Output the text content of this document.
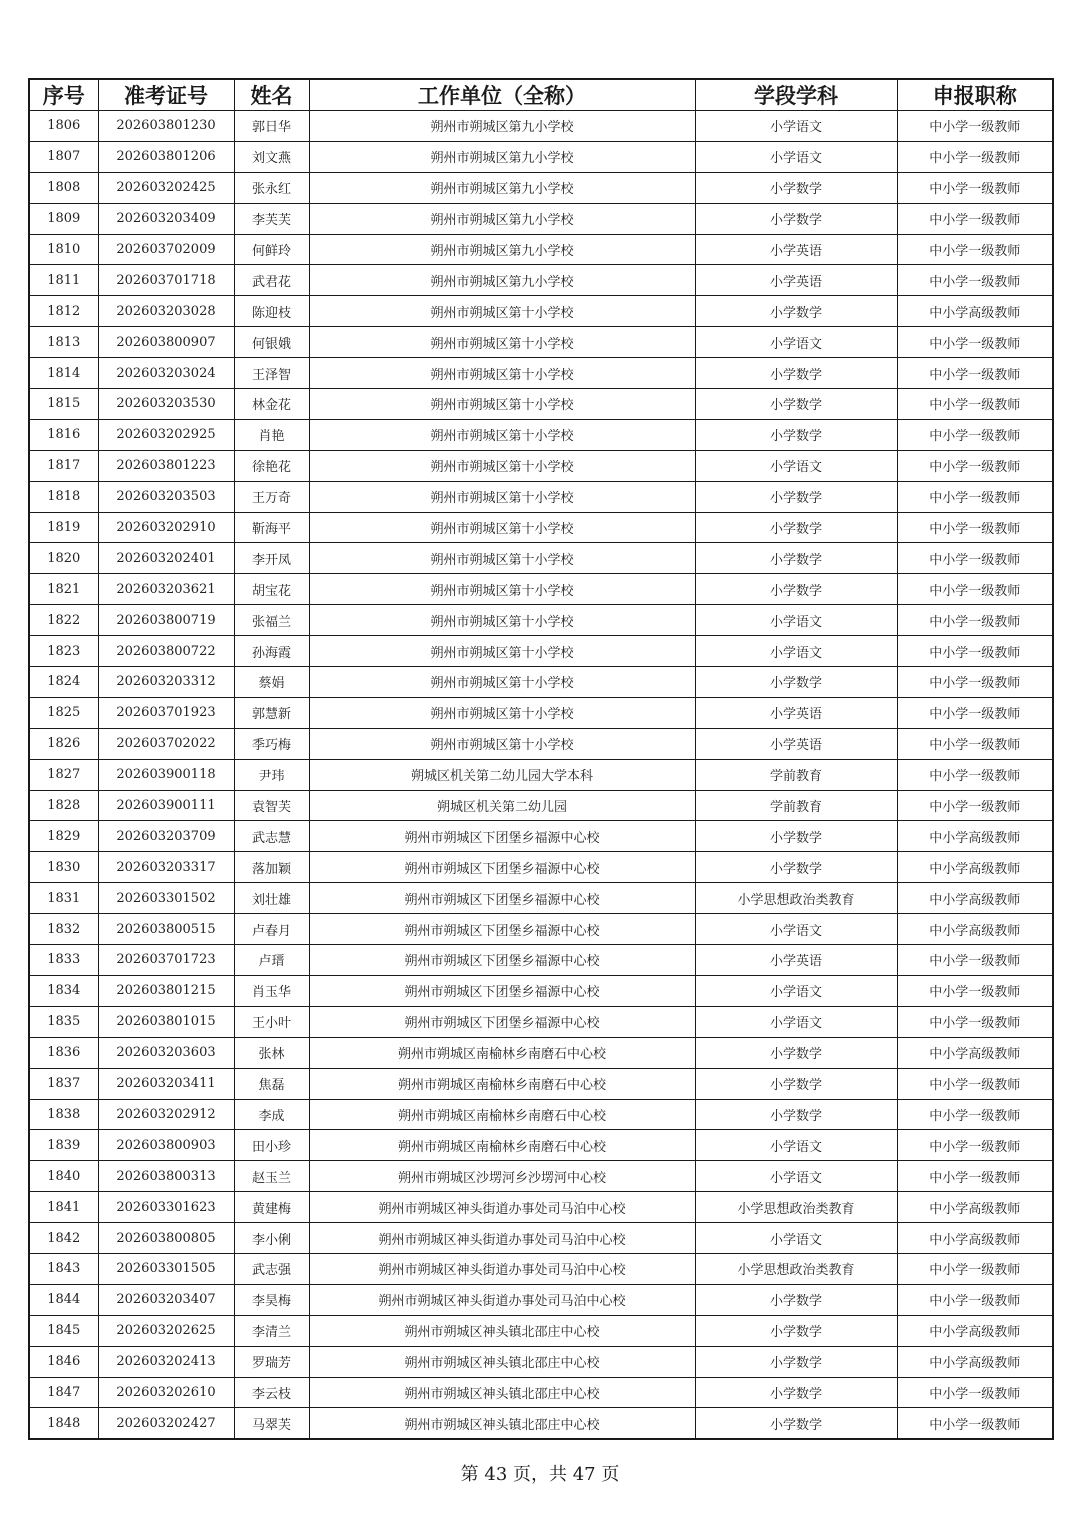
序号	准考证号	姓名	工作单位（全称）	学段学科	申报职称
1806	202603801230	郭日华	朔州市朔城区第九小学校	小学语文	中小学一级教师
1807	202603801206	刘文燕	朔州市朔城区第九小学校	小学语文	中小学一级教师
1808	202603202425	张永红	朔州市朔城区第九小学校	小学数学	中小学一级教师
1809	202603203409	李芙芙	朔州市朔城区第九小学校	小学数学	中小学一级教师
1810	202603702009	何鲜玲	朔州市朔城区第九小学校	小学英语	中小学一级教师
1811	202603701718	武君花	朔州市朔城区第九小学校	小学英语	中小学一级教师
1812	202603203028	陈迎枝	朔州市朔城区第十小学校	小学数学	中小学高级教师
1813	202603800907	何银娥	朔州市朔城区第十小学校	小学语文	中小学一级教师
1814	202603203024	王泽智	朔州市朔城区第十小学校	小学数学	中小学一级教师
1815	202603203530	林金花	朔州市朔城区第十小学校	小学数学	中小学一级教师
1816	202603202925	肖艳	朔州市朔城区第十小学校	小学数学	中小学一级教师
1817	202603801223	徐艳花	朔州市朔城区第十小学校	小学语文	中小学一级教师
1818	202603203503	王万奇	朔州市朔城区第十小学校	小学数学	中小学一级教师
1819	202603202910	靳海平	朔州市朔城区第十小学校	小学数学	中小学一级教师
1820	202603202401	李开凤	朔州市朔城区第十小学校	小学数学	中小学一级教师
1821	202603203621	胡宝花	朔州市朔城区第十小学校	小学数学	中小学一级教师
1822	202603800719	张福兰	朔州市朔城区第十小学校	小学语文	中小学一级教师
1823	202603800722	孙海霞	朔州市朔城区第十小学校	小学语文	中小学一级教师
1824	202603203312	蔡娟	朔州市朔城区第十小学校	小学数学	中小学一级教师
1825	202603701923	郭慧新	朔州市朔城区第十小学校	小学英语	中小学一级教师
1826	202603702022	季巧梅	朔州市朔城区第十小学校	小学英语	中小学一级教师
1827	202603900118	尹玮	朔城区机关第二幼儿园大学本科	学前教育	中小学一级教师
1828	202603900111	袁智芙	朔城区机关第二幼儿园	学前教育	中小学一级教师
1829	202603203709	武志慧	朔州市朔城区下团堡乡福源中心校	小学数学	中小学高级教师
1830	202603203317	落加颖	朔州市朔城区下团堡乡福源中心校	小学数学	中小学高级教师
1831	202603301502	刘壮雄	朔州市朔城区下团堡乡福源中心校	小学思想政治类教育	中小学高级教师
1832	202603800515	卢春月	朔州市朔城区下团堡乡福源中心校	小学语文	中小学高级教师
1833	202603701723	卢瑨	朔州市朔城区下团堡乡福源中心校	小学英语	中小学一级教师
1834	202603801215	肖玉华	朔州市朔城区下团堡乡福源中心校	小学语文	中小学一级教师
1835	202603801015	王小叶	朔州市朔城区下团堡乡福源中心校	小学语文	中小学一级教师
1836	202603203603	张林	朔州市朔城区南榆林乡南磨石中心校	小学数学	中小学高级教师
1837	202603203411	焦磊	朔州市朔城区南榆林乡南磨石中心校	小学数学	中小学一级教师
1838	202603202912	李成	朔州市朔城区南榆林乡南磨石中心校	小学数学	中小学一级教师
1839	202603800903	田小珍	朔州市朔城区南榆林乡南磨石中心校	小学语文	中小学一级教师
1840	202603800313	赵玉兰	朔州市朔城区沙塄河乡沙塄河中心校	小学语文	中小学一级教师
1841	202603301623	黄建梅	朔州市朔城区神头街道办事处司马泊中心校	小学思想政治类教育	中小学高级教师
1842	202603800805	李小俐	朔州市朔城区神头街道办事处司马泊中心校	小学语文	中小学高级教师
1843	202603301505	武志强	朔州市朔城区神头街道办事处司马泊中心校	小学思想政治类教育	中小学一级教师
1844	202603203407	李昊梅	朔州市朔城区神头街道办事处司马泊中心校	小学数学	中小学一级教师
1845	202603202625	李清兰	朔州市朔城区神头镇北邵庄中心校	小学数学	中小学高级教师
1846	202603202413	罗瑞芳	朔州市朔城区神头镇北邵庄中心校	小学数学	中小学高级教师
1847	202603202610	李云枝	朔州市朔城区神头镇北邵庄中心校	小学数学	中小学一级教师
1848	202603202427	马翠芙	朔州市朔城区神头镇北邵庄中心校	小学数学	中小学一级教师
第 43 页，共 47 页
